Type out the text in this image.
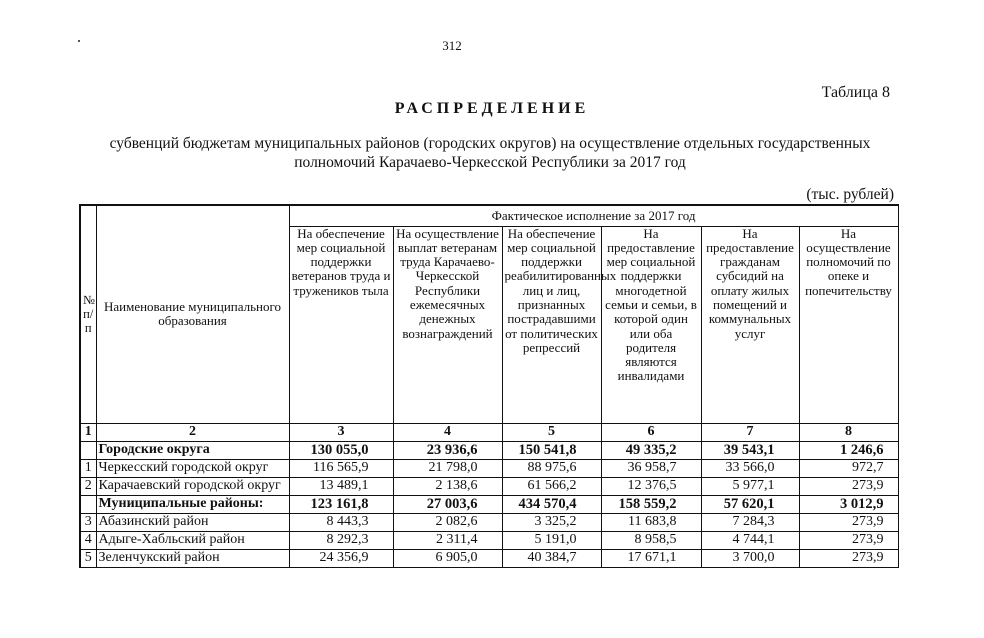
312
Таблица 8
РАСПРЕДЕЛЕНИЕ
субвенций бюджетам муниципальных районов (городских округов) на осуществление отдельных государственных
полномочий Карачаево-Черкесской Республики за 2017 год
(тыс. рублей)
№ п/ п	Наименование муниципального образования	Фактическое исполнение за 2017 год					
		На обеспечение мер социальной поддержки ветеранов труда и тружеников тыла	На осуществление выплат ветеранам труда Карачаево-Черкесской Республики ежемесячных денежных вознаграждений	На обеспечение мер социальной поддержки реабилитированных лиц и лиц, признанных пострадавшими от политических репрессий	На предоставление мер социальной поддержки многодетной семьи и семьи, в которой один или оба родителя являются инвалидами	На предоставление гражданам субсидий на оплату жилых помещений и коммунальных услуг	На осуществление полномочий по опеке и попечительству
1	2	3	4	5	6	7	8
	Городские округа	130 055,0	23 936,6	150 541,8	49 335,2	39 543,1	1 246,6
1	Черкесский городской округ	116 565,9	21 798,0	88 975,6	36 958,7	33 566,0	972,7
2	Карачаевский городской округ	13 489,1	2 138,6	61 566,2	12 376,5	5 977,1	273,9
	Муниципальные районы:	123 161,8	27 003,6	434 570,4	158 559,2	57 620,1	3 012,9
3	Абазинский район	8 443,3	2 082,6	3 325,2	11 683,8	7 284,3	273,9
4	Адыге-Хабльский район	8 292,3	2 311,4	5 191,0	8 958,5	4 744,1	273,9
5	Зеленчукский район	24 356,9	6 905,0	40 384,7	17 671,1	3 700,0	273,9
